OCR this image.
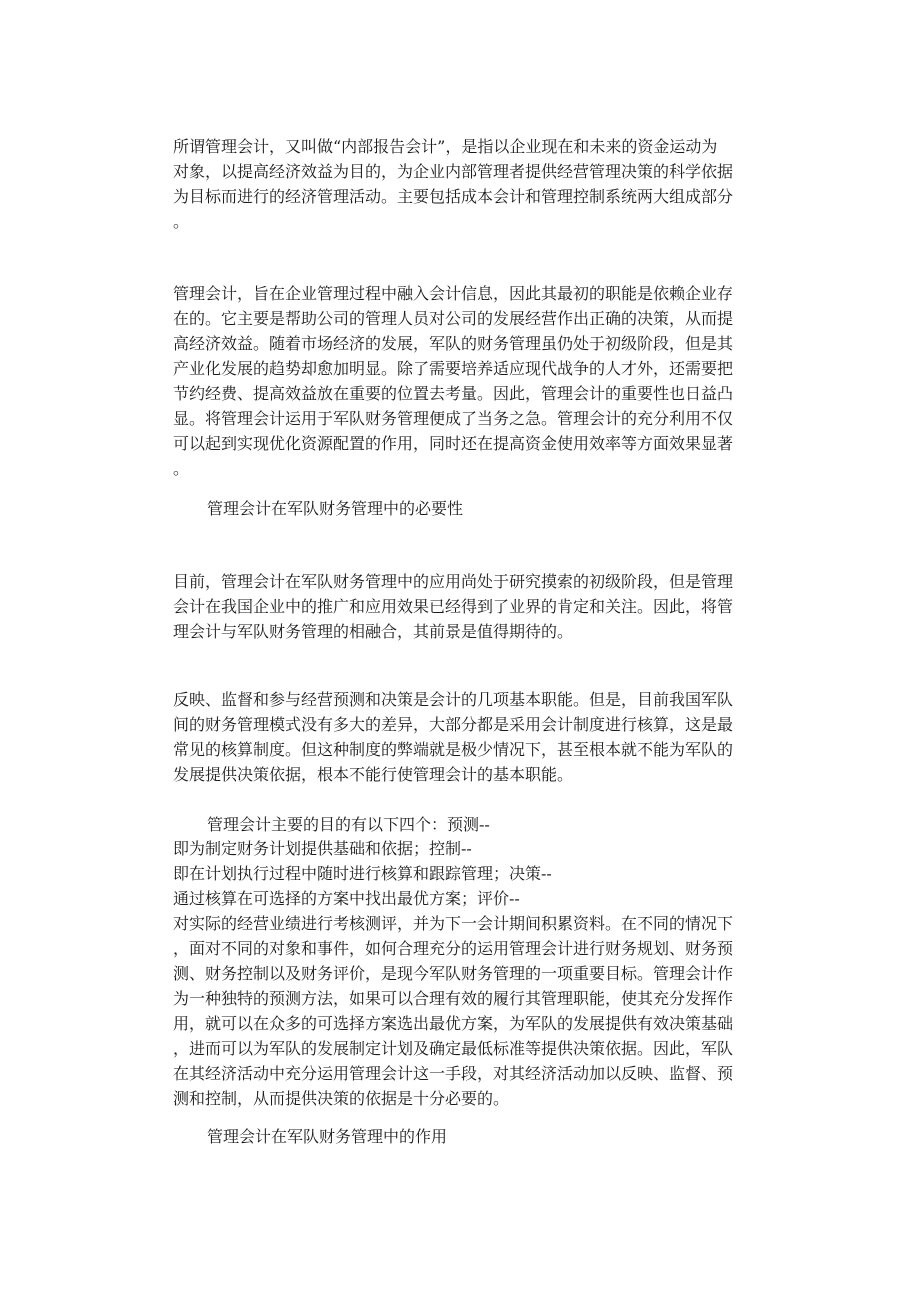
所谓管理会计，又叫做“内部报告会计”，是指以企业现在和未来的资金运动为
对象，以提高经济效益为目的，为企业内部管理者提供经营管理决策的科学依据
为目标而进行的经济管理活动。主要包括成本会计和管理控制系统两大组成部分
。

管理会计，旨在企业管理过程中融入会计信息，因此其最初的职能是依赖企业存
在的。它主要是帮助公司的管理人员对公司的发展经营作出正确的决策，从而提
高经济效益。随着市场经济的发展，军队的财务管理虽仍处于初级阶段，但是其
产业化发展的趋势却愈加明显。除了需要培养适应现代战争的人才外，还需要把
节约经费、提高效益放在重要的位置去考量。因此，管理会计的重要性也日益凸
显。将管理会计运用于军队财务管理便成了当务之急。管理会计的充分利用不仅
可以起到实现优化资源配置的作用，同时还在提高资金使用效率等方面效果显著
。

管理会计在军队财务管理中的必要性

目前，管理会计在军队财务管理中的应用尚处于研究摸索的初级阶段，但是管理
会计在我国企业中的推广和应用效果已经得到了业界的肯定和关注。因此，将管
理会计与军队财务管理的相融合，其前景是值得期待的。

反映、监督和参与经营预测和决策是会计的几项基本职能。但是，目前我国军队
间的财务管理模式没有多大的差异，大部分都是采用会计制度进行核算，这是最
常见的核算制度。但这种制度的弊端就是极少情况下，甚至根本就不能为军队的
发展提供决策依据，根本不能行使管理会计的基本职能。

管理会计主要的目的有以下四个：预测--

即为制定财务计划提供基础和依据；控制--
即在计划执行过程中随时进行核算和跟踪管理；决策--
通过核算在可选择的方案中找出最优方案；评价--
对实际的经营业绩进行考核测评，并为下一会计期间积累资料。在不同的情况下
，面对不同的对象和事件，如何合理充分的运用管理会计进行财务规划、财务预
测、财务控制以及财务评价，是现今军队财务管理的一项重要目标。管理会计作
为一种独特的预测方法，如果可以合理有效的履行其管理职能，使其充分发挥作
用，就可以在众多的可选择方案选出最优方案，为军队的发展提供有效决策基础
，进而可以为军队的发展制定计划及确定最低标准等提供决策依据。因此，军队
在其经济活动中充分运用管理会计这一手段，对其经济活动加以反映、监督、预
测和控制，从而提供决策的依据是十分必要的。

管理会计在军队财务管理中的作用
